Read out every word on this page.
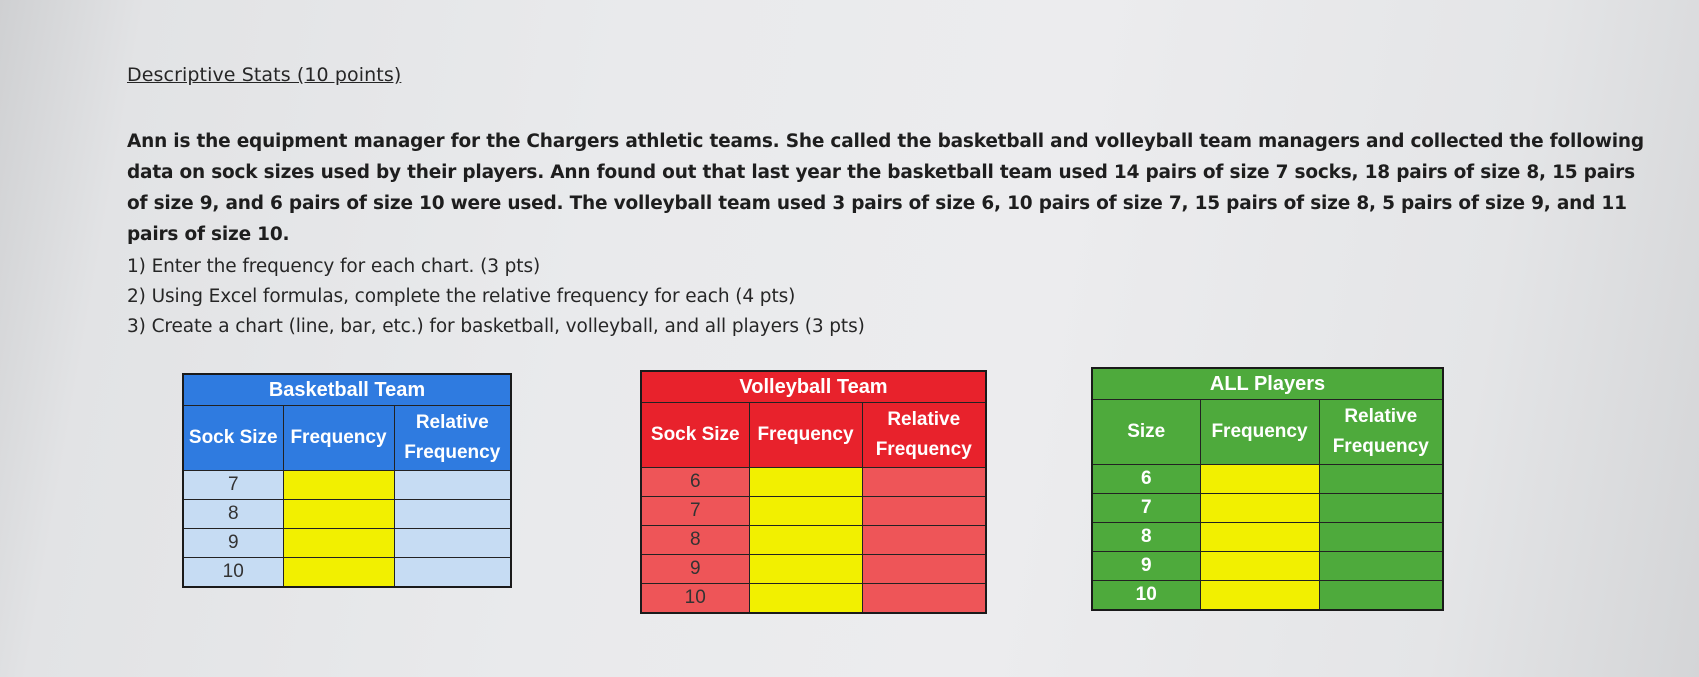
Descriptive Stats (10 points)
Ann is the equipment manager for the Chargers athletic teams. She called the basketball and volleyball team managers and collected the following data on sock sizes used by their players. Ann found out that last year the basketball team used 14 pairs of size 7 socks, 18 pairs of size 8, 15 pairs of size 9, and 6 pairs of size 10 were used. The volleyball team used 3 pairs of size 6, 10 pairs of size 7, 15 pairs of size 8, 5 pairs of size 9, and 11 pairs of size 10.
1) Enter the frequency for each chart. (3 pts)
2) Using Excel formulas, complete the relative frequency for each (4 pts)
3) Create a chart (line, bar, etc.) for basketball, volleyball, and all players (3 pts)
Basketball Team		
Sock Size	Frequency	Relative
Frequency
7		
8		
9		
10		
Volleyball Team		
Sock Size	Frequency	Relative
Frequency
6		
7		
8		
9		
10		
ALL Players		
Size	Frequency	Relative
Frequency
6		
7		
8		
9		
10		
